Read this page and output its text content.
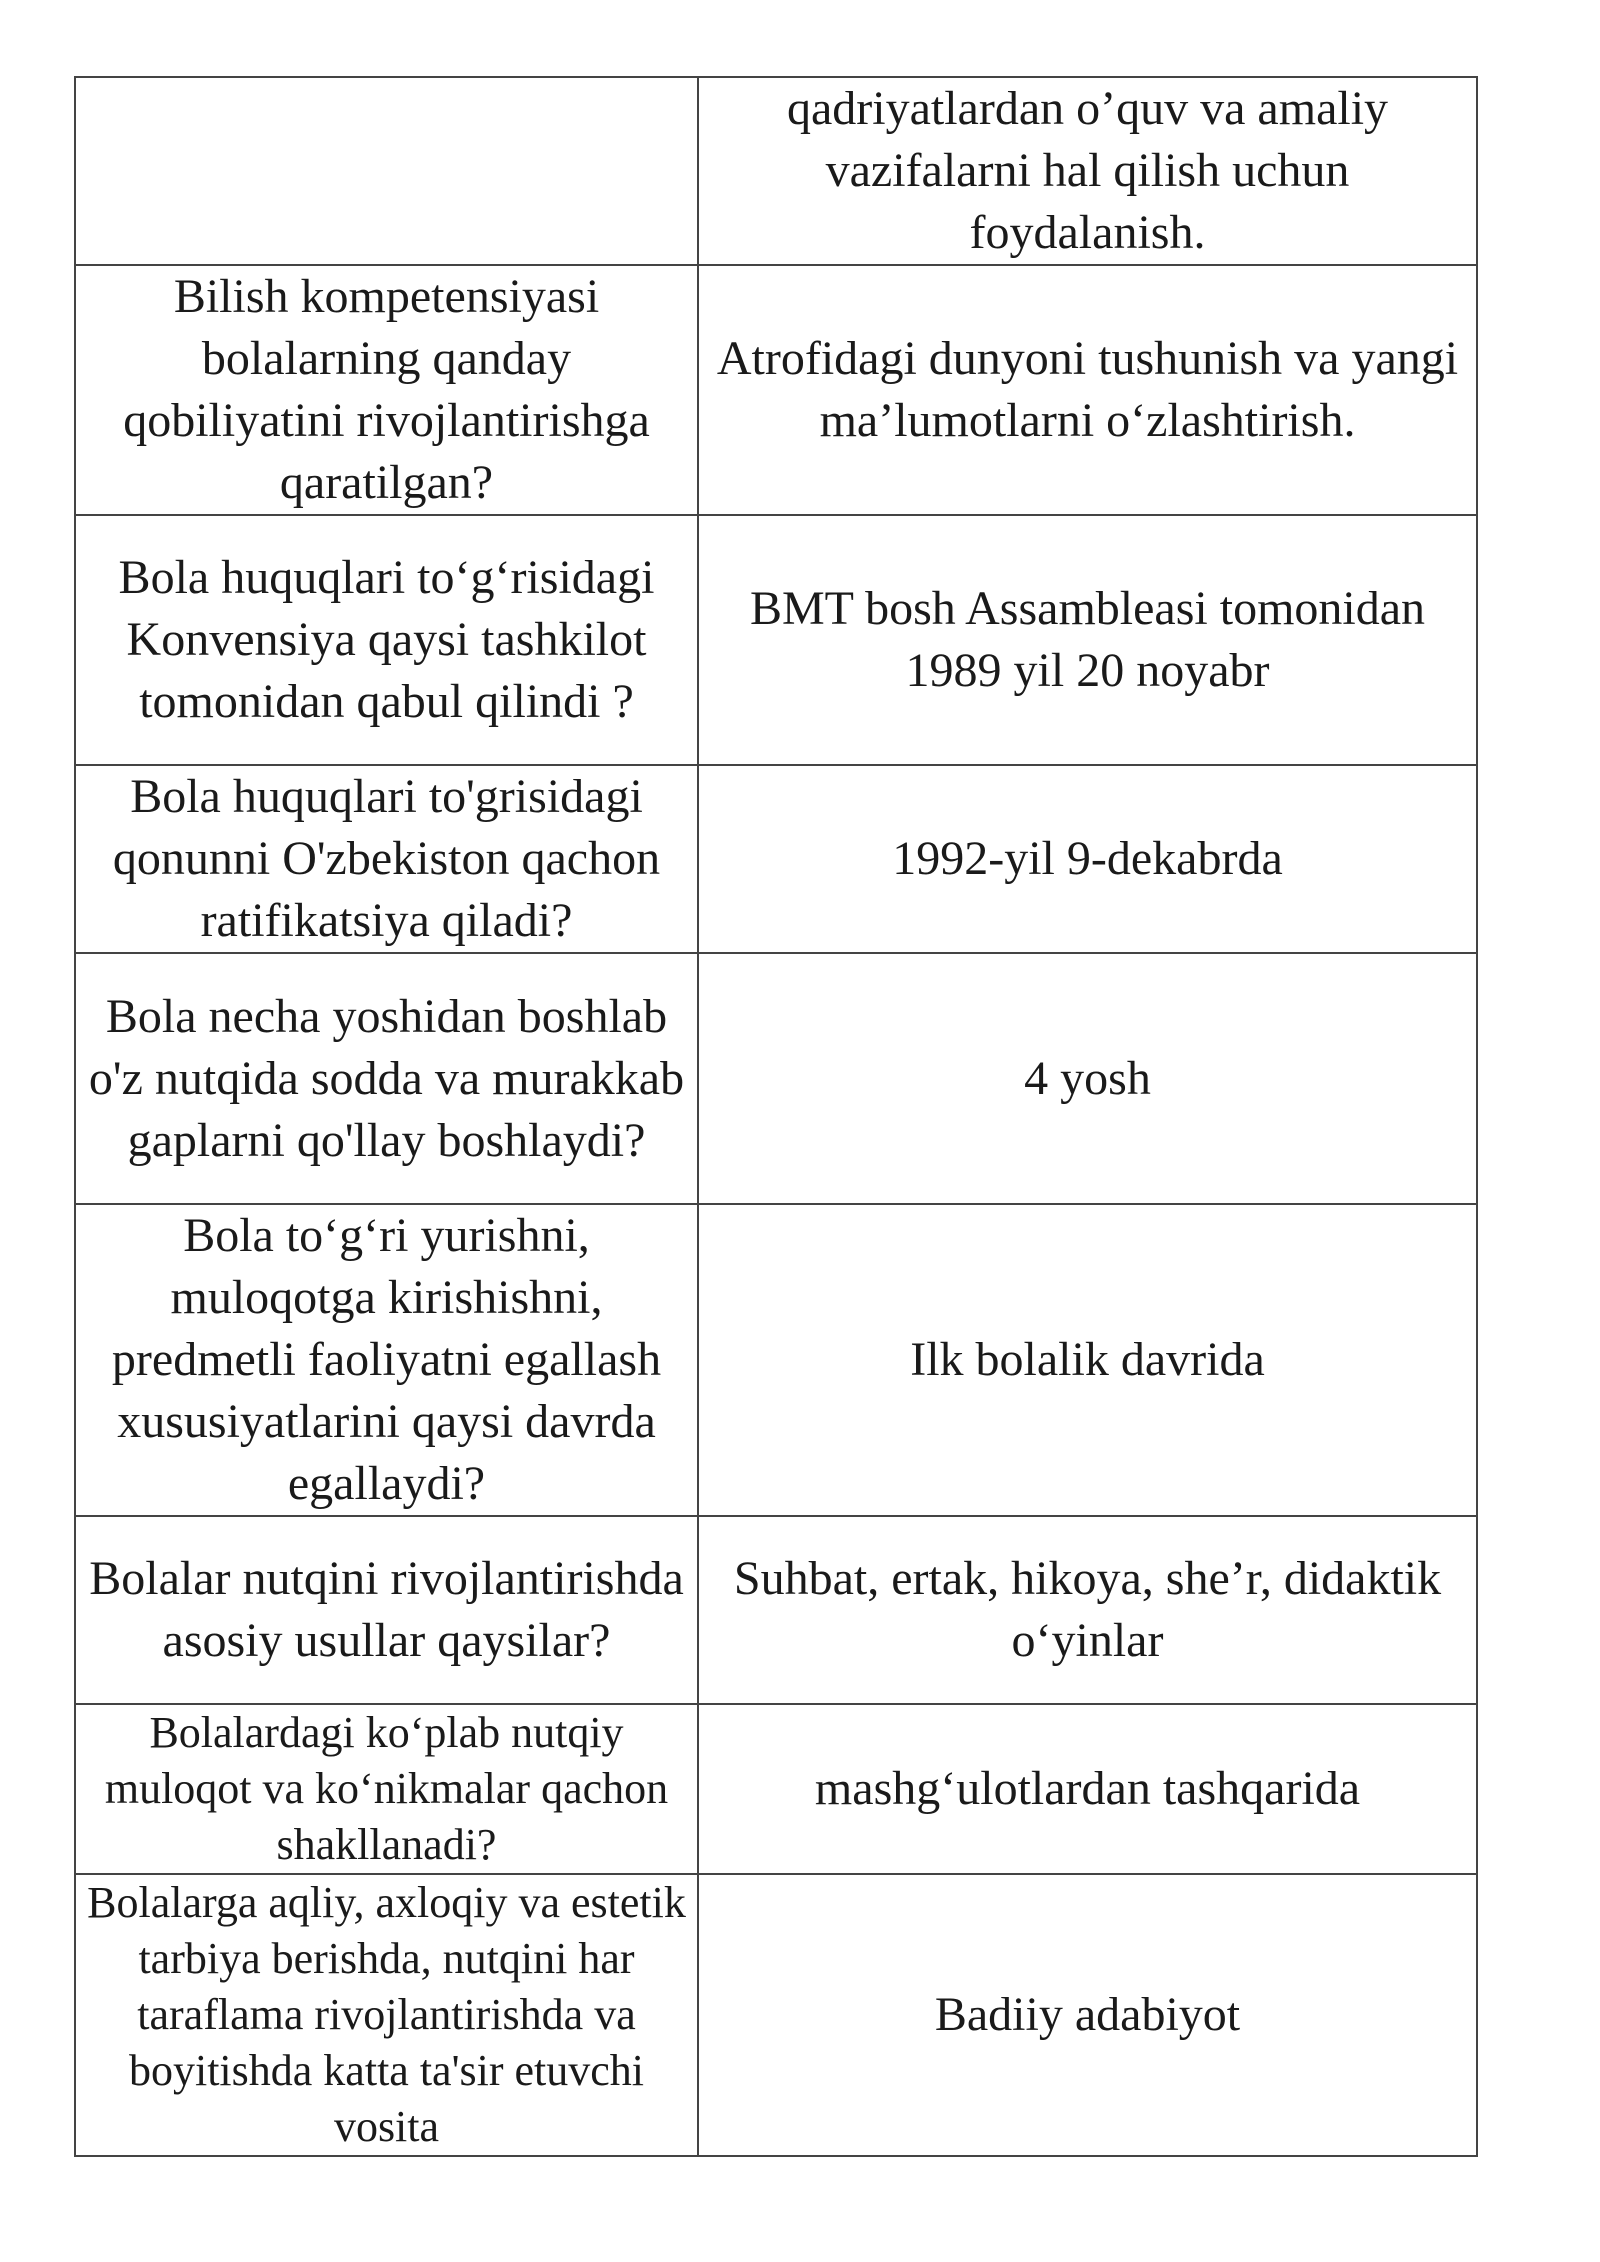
	qadriyatlardan o’quv va amaliy vazifalarni hal qilish uchun foydalanish.

Bilish kompetensiyasi bolalarning qanday qobiliyatini rivojlantirishga qaratilgan?	Atrofidagi dunyoni tushunish va yangi ma’lumotlarni o‘zlashtirish.

Bola huquqlari to‘g‘risidagi Konvensiya qaysi tashkilot tomonidan qabul qilindi ?	BMT bosh Assambleasi tomonidan 1989 yil 20 noyabr

Bola huquqlari to'grisidagi qonunni O'zbekiston qachon ratifikatsiya qiladi?	1992-yil 9-dekabrda

Bola necha yoshidan boshlab o'z nutqida sodda va murakkab gaplarni qo'llay boshlaydi?	4 yosh

Bola to‘g‘ri yurishni, muloqotga kirishishni, predmetli faoliyatni egallash xususiyatlarini qaysi davrda egallaydi?	Ilk bolalik davrida

Bolalar nutqini rivojlantirishda asosiy usullar qaysilar?	Suhbat, ertak, hikoya, she’r, didaktik o‘yinlar

Bolalardagi ko‘plab nutqiy muloqot va ko‘nikmalar qachon shakllanadi?	mashg‘ulotlardan tashqarida

Bolalarga aqliy, axloqiy va estetik tarbiya berishda, nutqini har taraflama rivojlantirishda va boyitishda katta ta'sir etuvchi vosita	Badiiy adabiyot
